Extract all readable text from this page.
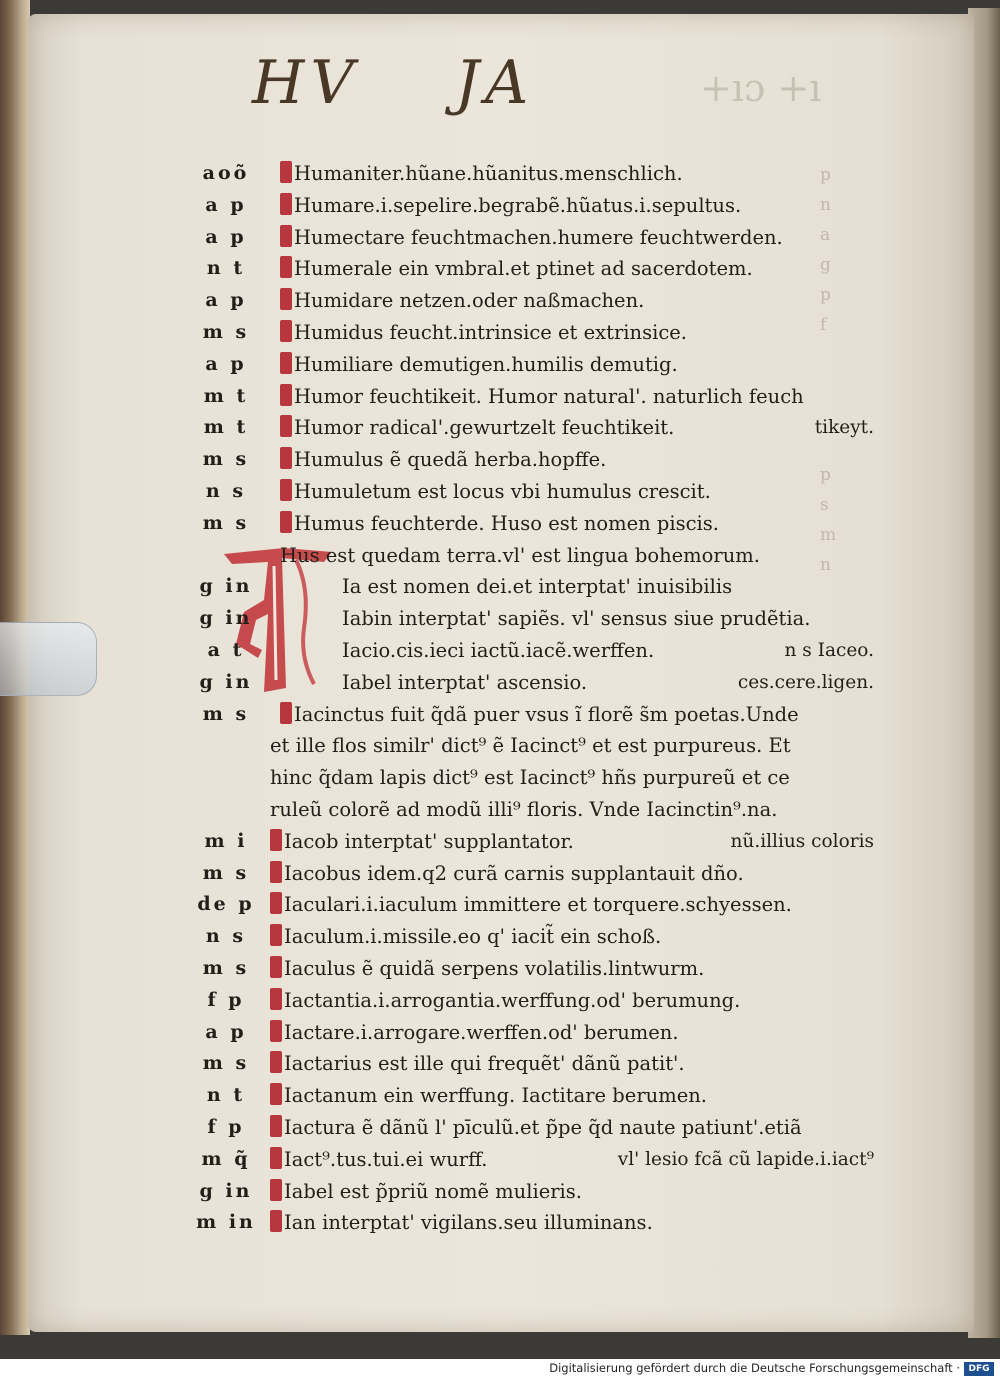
+ıɔ +ı
p
n
a
g
p
f

p
s
m
n
HV JA
aoõ	Humaniter.hũane.hũanitus.menschlich.
a p	Humare.i.sepelire.begrabẽ.hũatus.i.sepultus.
a p	Humectare feuchtmachen.humere feuchtwerden.
n t	Humerale ein vmbral.et ptinet ad sacerdotem.
a p	Humidare netzen.oder naßmachen.
m s	Humidus feucht.intrinsice et extrinsice.
a p	Humiliare demutigen.humilis demutig.
m t	Humor feuchtikeit. Humor natural'. naturlich feuch
m t	Humor radical'.gewurtzelt feuchtikeit.	tikeyt.
m s	Humulus ẽ quedã herba.hopffe.
n s	Humuletum est locus vbi humulus crescit.
m s	Humus feuchterde. Huso est nomen piscis.
Hus est quedam terra.vl' est lingua bohemorum.
g in	Ia est nomen dei.et interptat' inuisibilis
g in	Iabin interptat' sapiẽs. vl' sensus siue prudẽtia.
a t	Iacio.cis.ieci iactũ.iacẽ.werffen.	n s Iaceo.
g in	Iabel interptat' ascensio.	ces.cere.ligen.
m s	Iacinctus fuit q̃dã puer vsus ĩ florẽ s̃m poetas.Unde
et ille flos similr' dict⁹ ẽ Iacinct⁹ et est purpureus. Et
hinc q̃dam lapis dict⁹ est Iacinct⁹ hñs purpureũ et ce
ruleũ colorẽ ad modũ illi⁹ floris. Vnde Iacinctin⁹.na.
m i	Iacob interptat' supplantator.	nũ.illius coloris
m s	Iacobus idem.q2 curã carnis supplantauit dño.
de p	Iaculari.i.iaculum immittere et torquere.schyessen.
n s	Iaculum.i.missile.eo q' iacit̃ ein schoß.
m s	Iaculus ẽ quidã serpens volatilis.lintwurm.
f p	Iactantia.i.arrogantia.werffung.od' berumung.
a p	Iactare.i.arrogare.werffen.od' berumen.
m s	Iactarius est ille qui frequẽt' dãnũ patit'.
n t	Iactanum ein werffung. Iactitare berumen.
f p	Iactura ẽ dãnũ l' pīculũ.et p̃pe q̃d naute patiunt'.etiã
m q̃	Iact⁹.tus.tui.ei wurff.	vl' lesio fcã cũ lapide.i.iact⁹
g in	Iabel est p̃priũ nomẽ mulieris.
m in	Ian interptat' vigilans.seu illuminans.
Digitalisierung gefördert durch die Deutsche Forschungsgemeinschaft · DFG
